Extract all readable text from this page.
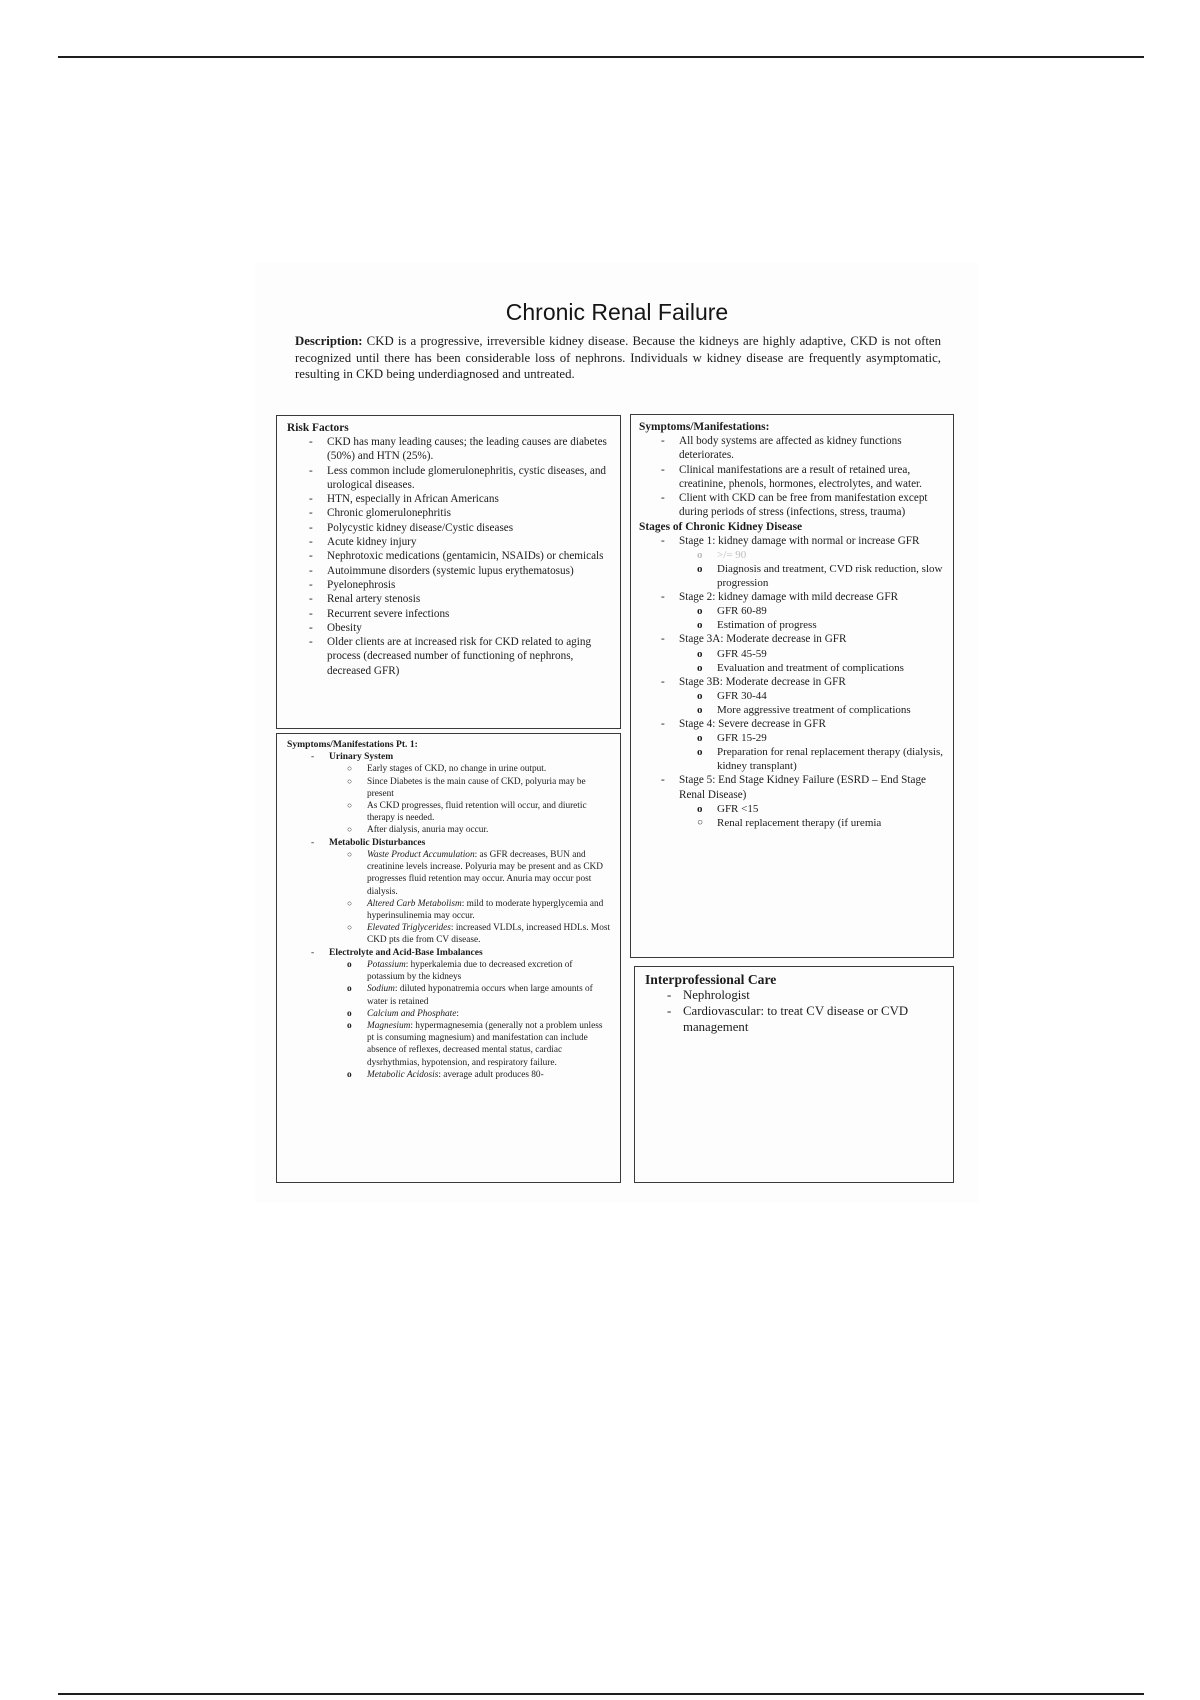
Chronic Renal Failure
Description: CKD is a progressive, irreversible kidney disease. Because the kidneys are highly adaptive, CKD is not often recognized until there has been considerable loss of nephrons. Individuals w kidney disease are frequently asymptomatic, resulting in CKD being underdiagnosed and untreated.
Risk Factors
- CKD has many leading causes; the leading causes are diabetes (50%) and HTN (25%).
- Less common include glomerulonephritis, cystic diseases, and urological diseases.
- HTN, especially in African Americans
- Chronic glomerulonephritis
- Polycystic kidney disease/Cystic diseases
- Acute kidney injury
- Nephrotoxic medications (gentamicin, NSAIDs) or chemicals
- Autoimmune disorders (systemic lupus erythematosus)
- Pyelonephrosis
- Renal artery stenosis
- Recurrent severe infections
- Obesity
- Older clients are at increased risk for CKD related to aging process (decreased number of functioning of nephrons, decreased GFR)
Symptoms/Manifestations Pt. 1:
- Urinary System
○ Early stages of CKD, no change in urine output.
○ Since Diabetes is the main cause of CKD, polyuria may be present
○ As CKD progresses, fluid retention will occur, and diuretic therapy is needed.
○ After dialysis, anuria may occur.
- Metabolic Disturbances
○ Waste Product Accumulation: as GFR decreases, BUN and creatinine levels increase. Polyuria may be present and as CKD progresses fluid retention may occur. Anuria may occur post dialysis.
○ Altered Carb Metabolism: mild to moderate hyperglycemia and hyperinsulinemia may occur.
○ Elevated Triglycerides: increased VLDLs, increased HDLs. Most CKD pts die from CV disease.
- Electrolyte and Acid-Base Imbalances
o Potassium: hyperkalemia due to decreased excretion of potassium by the kidneys
o Sodium: diluted hyponatremia occurs when large amounts of water is retained
o Calcium and Phosphate:
o Magnesium: hypermagnesemia (generally not a problem unless pt is consuming magnesium) and manifestation can include absence of reflexes, decreased mental status, cardiac dysrhythmias, hypotension, and respiratory failure.
o Metabolic Acidosis: average adult produces 80-
Symptoms/Manifestations:
- All body systems are affected as kidney functions deteriorates.
- Clinical manifestations are a result of retained urea, creatinine, phenols, hormones, electrolytes, and water.
- Client with CKD can be free from manifestation except during periods of stress (infections, stress, trauma)
Stages of Chronic Kidney Disease
- Stage 1: kidney damage with normal or increase GFR
o >/= 90
o Diagnosis and treatment, CVD risk reduction, slow progression
- Stage 2: kidney damage with mild decrease GFR
o GFR 60-89
o Estimation of progress
- Stage 3A: Moderate decrease in GFR
o GFR 45-59
o Evaluation and treatment of complications
- Stage 3B: Moderate decrease in GFR
o GFR 30-44
o More aggressive treatment of complications
- Stage 4: Severe decrease in GFR
o GFR 15-29
o Preparation for renal replacement therapy (dialysis, kidney transplant)
- Stage 5: End Stage Kidney Failure (ESRD – End Stage Renal Disease)
o GFR <15
○ Renal replacement therapy (if uremia
Interprofessional Care
- Nephrologist
- Cardiovascular: to treat CV disease or CVD management
